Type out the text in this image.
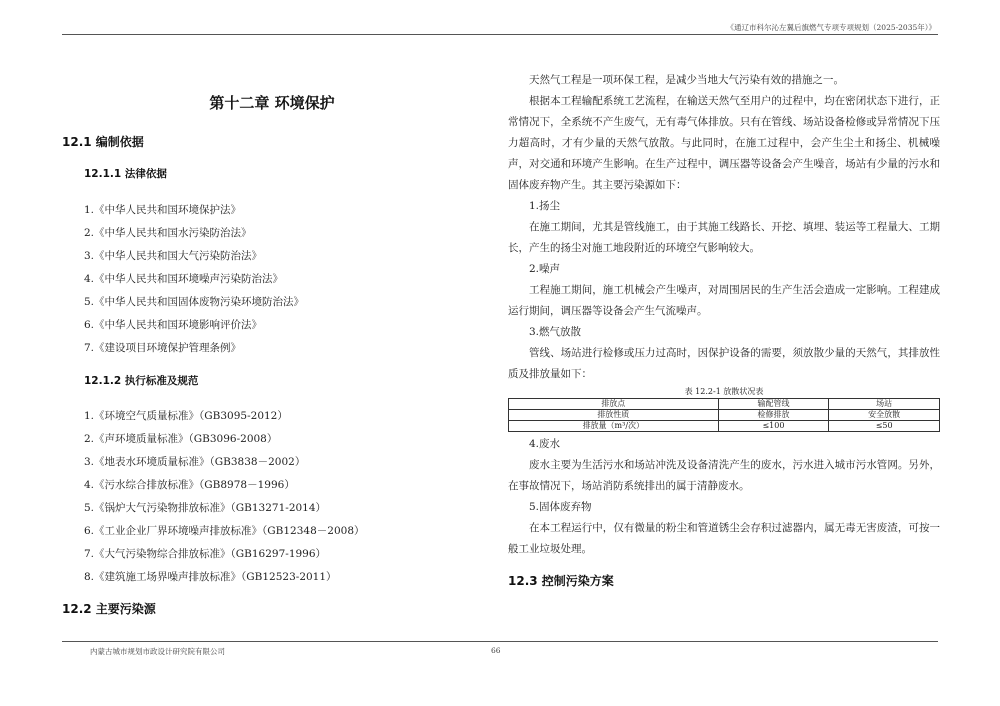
《通辽市科尔沁左翼后旗燃气专项专项规划（2025-2035年）》
第十二章 环境保护
12.1 编制依据
12.1.1 法律依据
1.《中华人民共和国环境保护法》
2.《中华人民共和国水污染防治法》
3.《中华人民共和国大气污染防治法》
4.《中华人民共和国环境噪声污染防治法》
5.《中华人民共和国固体废物污染环境防治法》
6.《中华人民共和国环境影响评价法》
7.《建设项目环境保护管理条例》
12.1.2 执行标准及规范
1.《环境空气质量标准》（GB3095-2012）
2.《声环境质量标准》（GB3096-2008）
3.《地表水环境质量标准》（GB3838－2002）
4.《污水综合排放标准》（GB8978－1996）
5.《锅炉大气污染物排放标准》（GB13271-2014）
6.《工业企业厂界环境噪声排放标准》（GB12348－2008）
7.《大气污染物综合排放标准》（GB16297-1996）
8.《建筑施工场界噪声排放标准》（GB12523-2011）
12.2 主要污染源

天然气工程是一项环保工程，是减少当地大气污染有效的措施之一。

根据本工程输配系统工艺流程，在输送天然气至用户的过程中，均在密闭状态下进行，正常情况下，全系统不产生废气，无有毒气体排放。只有在管线、场站设备检修或异常情况下压力超高时，才有少量的天然气放散。与此同时，在施工过程中，会产生尘土和扬尘、机械噪声，对交通和环境产生影响。在生产过程中，调压器等设备会产生噪音，场站有少量的污水和固体废弃物产生。其主要污染源如下：

1.扬尘

在施工期间，尤其是管线施工，由于其施工线路长、开挖、填埋、装运等工程量大、工期长，产生的扬尘对施工地段附近的环境空气影响较大。

2.噪声

工程施工期间，施工机械会产生噪声，对周围居民的生产生活会造成一定影响。工程建成运行期间，调压器等设备会产生气流噪声。

3.燃气放散

管线、场站进行检修或压力过高时，因保护设备的需要，须放散少量的天然气，其排放性质及排放量如下：

表 12.2-1 放散状况表
排放点	输配管线	场站
排放性质	检修排放	安全放散
排放量（m³/次）	≤100	≤50

4.废水

废水主要为生活污水和场站冲洗及设备清洗产生的废水，污水进入城市污水管网。另外，在事故情况下，场站消防系统排出的属于清静废水。

5.固体废弃物

在本工程运行中，仅有微量的粉尘和管道锈尘会存积过滤器内，属无毒无害废渣，可按一般工业垃圾处理。

12.3 控制污染方案
内蒙古城市规划市政设计研究院有限公司	66
